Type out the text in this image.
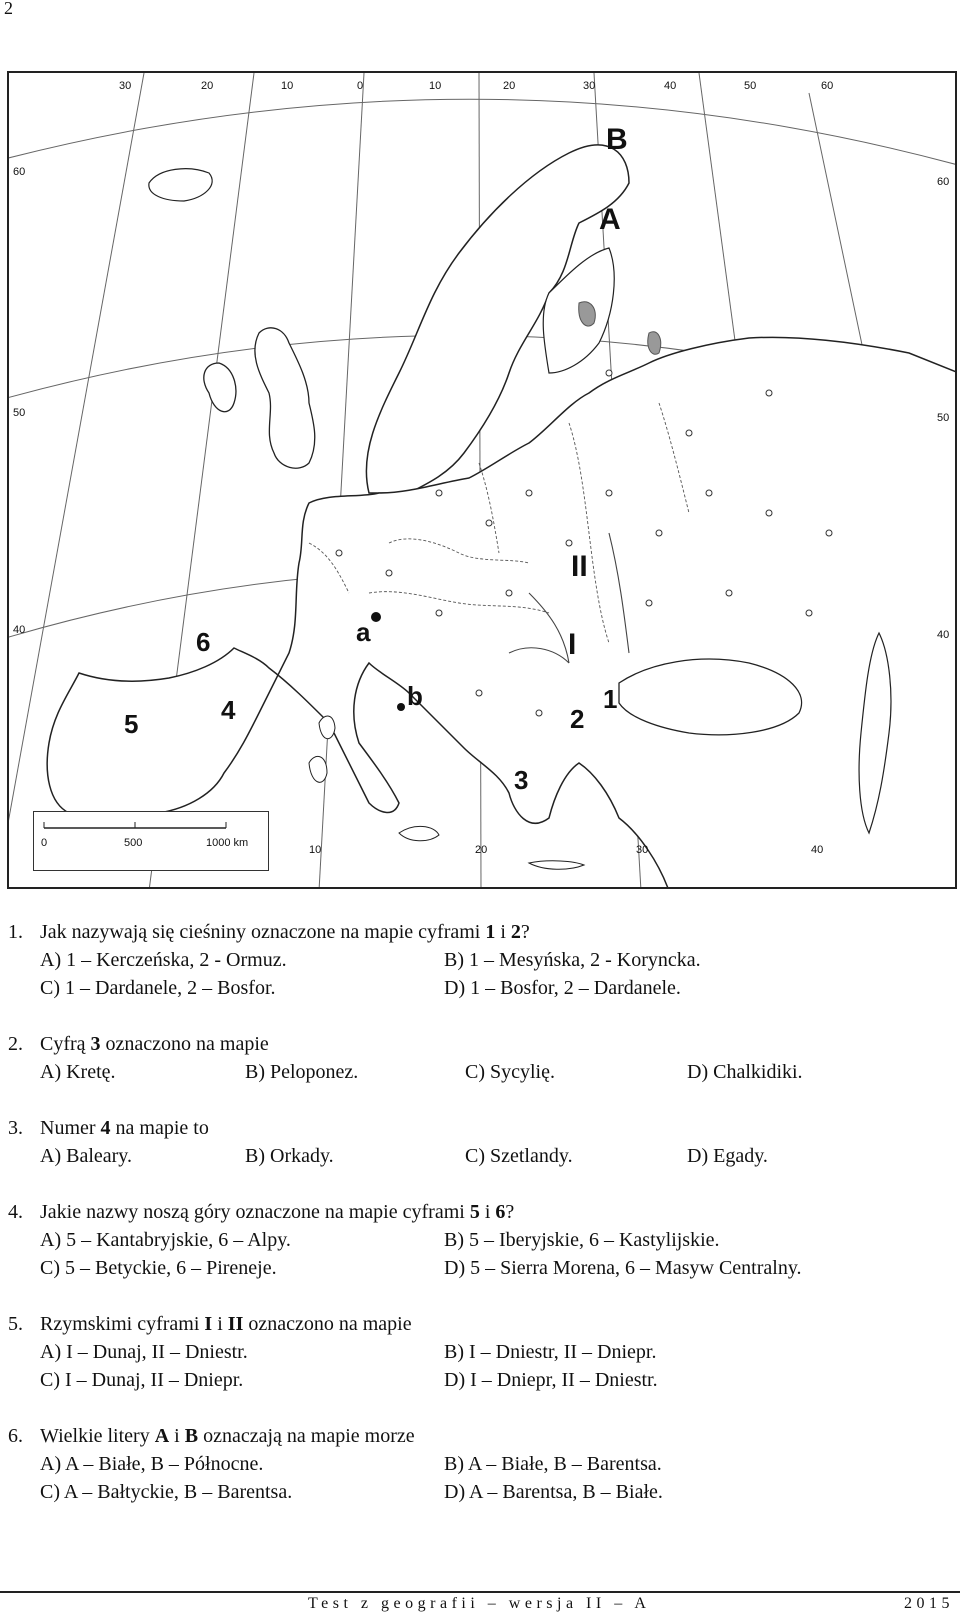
2
30	20	10	0	10	20	30	40	50	60
60
50
40
60
50
40
10	20	30	40
B
A
II
I
1
2
3
4
5
6	a
b
0	500	1000 km
1. Jak nazywają się cieśniny oznaczone na mapie cyframi 1 i 2?
A) 1 – Kerczeńska, 2 - Ormuz.	B) 1 – Mesyńska, 2 - Koryncka.
C) 1 – Dardanele, 2 – Bosfor.	D) 1 – Bosfor, 2 – Dardanele.
2. Cyfrą 3 oznaczono na mapie
A) Kretę.	B) Peloponez.	C) Sycylię.	D) Chalkidiki.
3. Numer 4 na mapie to
A) Baleary.	B) Orkady.	C) Szetlandy.	D) Egady.
4. Jakie nazwy noszą góry oznaczone na mapie cyframi 5 i 6?
A) 5 – Kantabryjskie, 6 – Alpy.	B) 5 – Iberyjskie, 6 – Kastylijskie.
C) 5 – Betyckie, 6 – Pireneje.	D) 5 – Sierra Morena, 6 – Masyw Centralny.
5. Rzymskimi cyframi I i II oznaczono na mapie
A) I – Dunaj, II – Dniestr.	B) I – Dniestr, II – Dniepr.
C) I – Dunaj, II – Dniepr.	D) I – Dniepr, II – Dniestr.
6. Wielkie litery A i B oznaczają na mapie morze
A) A – Białe, B – Północne.	B) A – Białe, B – Barentsa.
C) A – Bałtyckie, B – Barentsa.	D) A – Barentsa, B – Białe.
Test z geografii – wersja II – A	2015
